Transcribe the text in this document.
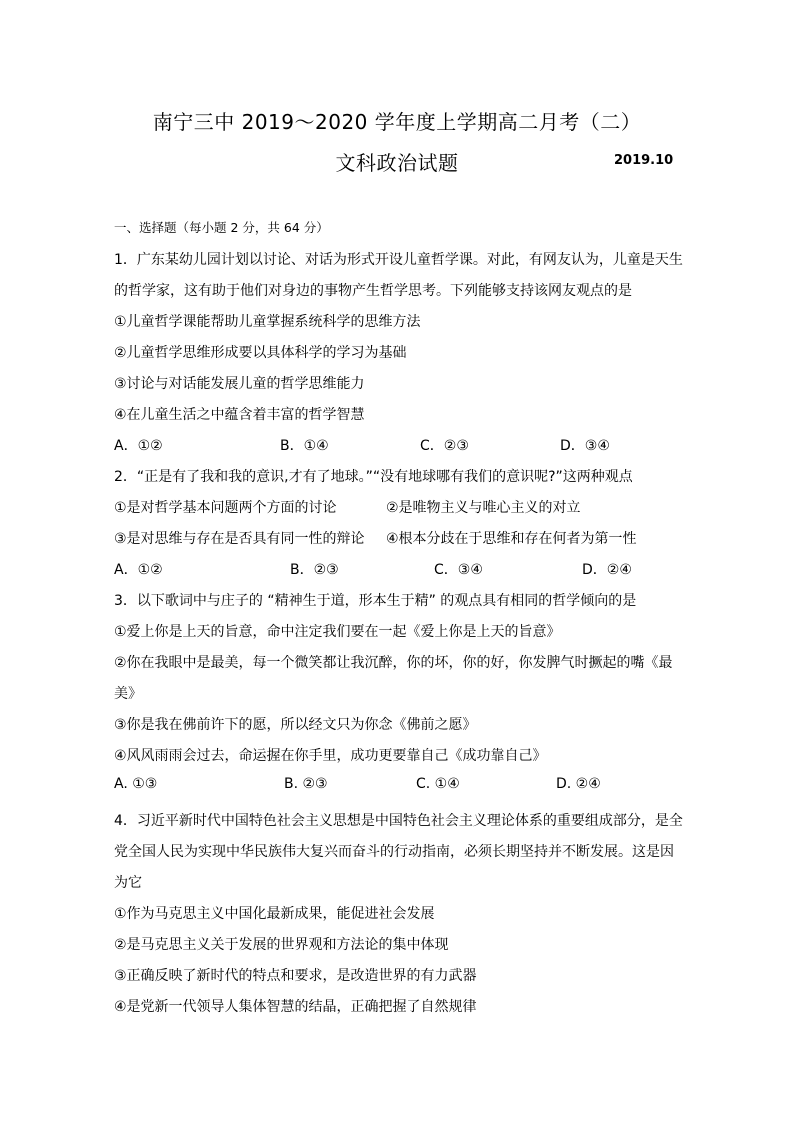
南宁三中 2019～2020 学年度上学期高二月考（二）
文科政治试题	2019.10
一、选择题（每小题 2 分，共 64 分）
1．广东某幼儿园计划以讨论、对话为形式开设儿童哲学课。对此，有网友认为，儿童是天生
的哲学家，这有助于他们对身边的事物产生哲学思考。下列能够支持该网友观点的是
①儿童哲学课能帮助儿童掌握系统科学的思维方法
②儿童哲学思维形成要以具体科学的学习为基础
③讨论与对话能发展儿童的哲学思维能力
④在儿童生活之中蕴含着丰富的哲学智慧
A．①②	B．①④	C．②③	D．③④
2．“正是有了我和我的意识,才有了地球。”“没有地球哪有我们的意识呢?”这两种观点
①是对哲学基本问题两个方面的讨论	②是唯物主义与唯心主义的对立
③是对思维与存在是否具有同一性的辩论 ④根本分歧在于思维和存在何者为第一性
A．①②	B．②③	C．③④	D．②④
3．以下歌词中与庄子的 “精神生于道，形本生于精” 的观点具有相同的哲学倾向的是
①爱上你是上天的旨意，命中注定我们要在一起《爱上你是上天的旨意》
②你在我眼中是最美，每一个微笑都让我沉醉，你的坏，你的好，你发脾气时撅起的嘴《最
美》
③你是我在佛前许下的愿，所以经文只为你念《佛前之愿》
④风风雨雨会过去，命运握在你手里，成功更要靠自己《成功靠自己》
A. ①③	B. ②③	C. ①④	D. ②④
4．习近平新时代中国特色社会主义思想是中国特色社会主义理论体系的重要组成部分，是全
党全国人民为实现中华民族伟大复兴而奋斗的行动指南，必须长期坚持并不断发展。这是因
为它
①作为马克思主义中国化最新成果，能促进社会发展
②是马克思主义关于发展的世界观和方法论的集中体现
③正确反映了新时代的特点和要求，是改造世界的有力武器
④是党新一代领导人集体智慧的结晶，正确把握了自然规律
